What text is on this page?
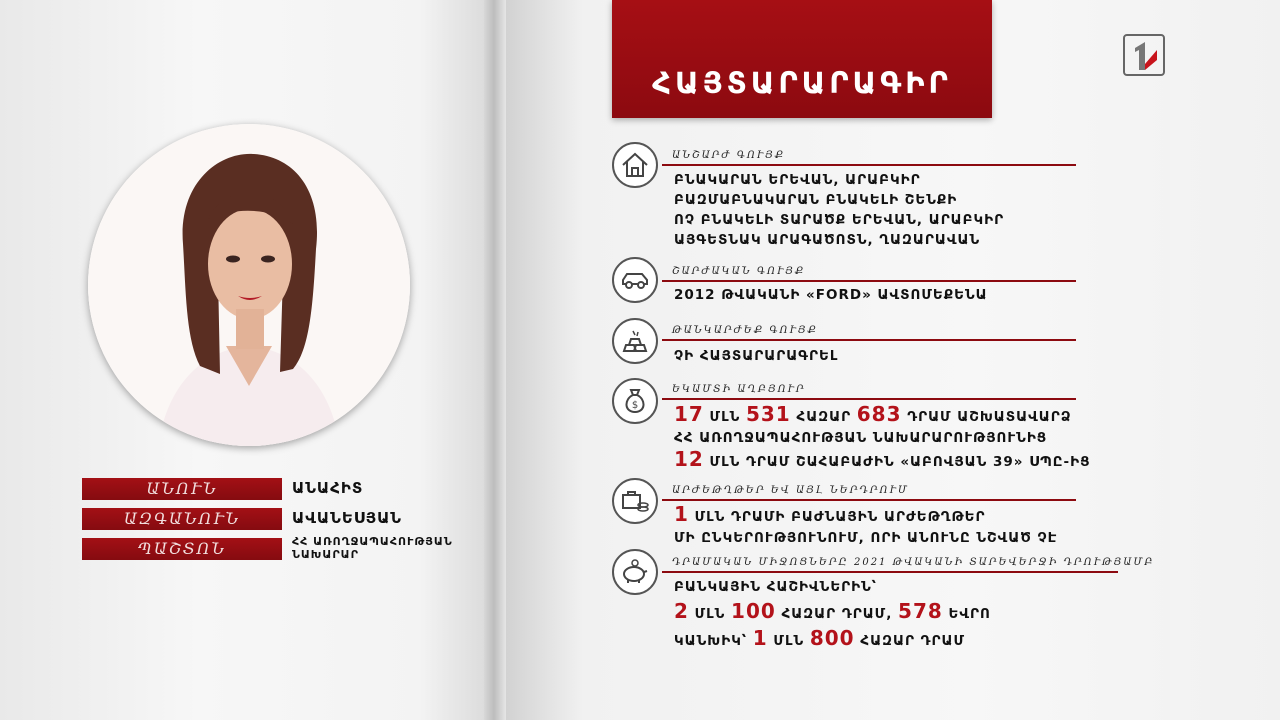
ԱՆՈՒՆ	ԱՆԱՀԻՏ
ԱԶԳԱՆՈՒՆ	ԱՎԱՆԵՍՅԱՆ
ՊԱՇՏՈՆ	ՀՀ ԱՌՈՂՋԱՊԱՀՈՒԹՅԱՆ
ՆԱԽԱՐԱՐ
ՀԱՅՏԱՐԱՐԱԳԻՐ
ԱՆՇԱՐԺ ԳՈՒՅՔ
ԲՆԱԿԱՐԱՆ ԵՐԵՎԱՆ, ԱՐԱԲԿԻՐ
ԲԱԶՄԱԲՆԱԿԱՐԱՆ ԲՆԱԿԵԼԻ ՇԵՆՔԻ
ՈՉ ԲՆԱԿԵԼԻ ՏԱՐԱԾՔ ԵՐԵՎԱՆ, ԱՐԱԲԿԻՐ
ԱՅԳԵՏՆԱԿ ԱՐԱԳԱԾՈՏՆ, ՂԱԶԱՐԱՎԱՆ
ՇԱՐԺԱԿԱՆ ԳՈՒՅՔ
2012 ԹՎԱԿԱՆԻ «FORD» ԱՎՏՈՄԵՔԵՆԱ
ԹԱՆԿԱՐԺԵՔ ԳՈՒՅՔ
ՉԻ ՀԱՅՏԱՐԱՐԱԳՐԵԼ
$
ԵԿԱՄՏԻ ԱՂԲՅՈՒՐ
17 ՄԼՆ 531 ՀԱԶԱՐ 683 ԴՐԱՄ ԱՇԽԱՏԱՎԱՐՁ
ՀՀ ԱՌՈՂՋԱՊԱՀՈՒԹՅԱՆ ՆԱԽԱՐԱՐՈՒԹՅՈՒՆԻՑ
12 ՄԼՆ ԴՐԱՄ ՇԱՀԱԲԱԺԻՆ «ԱԲՈՎՅԱՆ 39» ՍՊԸ-ԻՑ
ԱՐԺԵԹՂԹԵՐ ԵՎ ԱՅԼ ՆԵՐԴՐՈՒՄ
1 ՄԼՆ ԴՐԱՄԻ ԲԱԺՆԱՅԻՆ ԱՐԺԵԹՂԹԵՐ
ՄԻ ԸՆԿԵՐՈՒԹՅՈՒՆՈՒՄ, ՈՐԻ ԱՆՈՒՆԸ ՆՇՎԱԾ ՉԷ
ԴՐԱՄԱԿԱՆ ՄԻՋՈՑՆԵՐԸ 2021 ԹՎԱԿԱՆԻ ՏԱՐԵՎԵՐՋԻ ԴՐՈՒԹՅԱՄԲ
ԲԱՆԿԱՅԻՆ ՀԱՇԻՎՆԵՐԻՆ՝
2 ՄԼՆ 100 ՀԱԶԱՐ ԴՐԱՄ, 578 ԵՎՐՈ
ԿԱՆԽԻԿ՝ 1 ՄԼՆ 800 ՀԱԶԱՐ ԴՐԱՄ
